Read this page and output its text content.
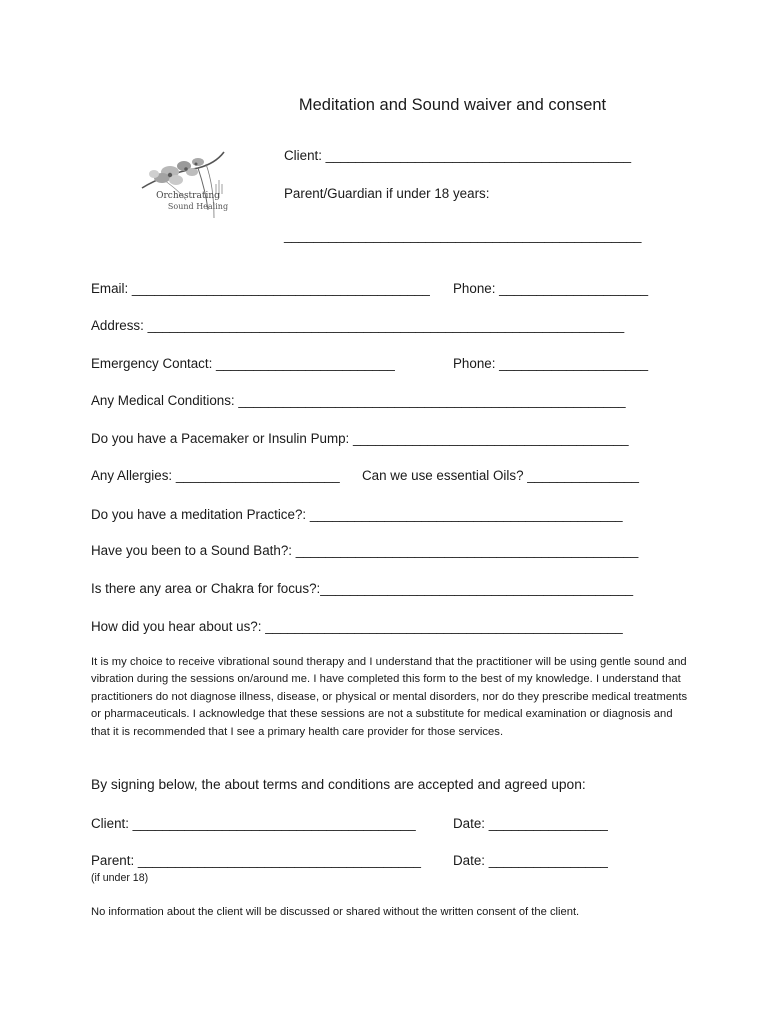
Meditation and Sound waiver and consent
Orchestrating
Sound Healing
Client: _________________________________________
Parent/Guardian if under 18 years:
________________________________________________
Email: ________________________________________ Phone: ____________________
Address: ________________________________________________________________
Emergency Contact: ________________________	Phone: ____________________
Any Medical Conditions: ____________________________________________________
Do you have a Pacemaker or Insulin Pump: _____________________________________
Any Allergies: ______________________ Can we use essential Oils? _______________
Do you have a meditation Practice?: __________________________________________
Have you been to a Sound Bath?: ______________________________________________
Is there any area or Chakra for focus?:__________________________________________
How did you hear about us?: ________________________________________________
It is my choice to receive vibrational sound therapy and I understand that the practitioner will be using gentle sound and vibration during the sessions on/around me. I have completed this form to the best of my knowledge. I understand that practitioners do not diagnose illness, disease, or physical or mental disorders, nor do they prescribe medical treatments or pharmaceuticals. I acknowledge that these sessions are not a substitute for medical examination or diagnosis and that it is recommended that I see a primary health care provider for those services.
By signing below, the about terms and conditions are accepted and agreed upon:
Client: ______________________________________	Date: ________________
Parent: ______________________________________ Date: ________________
(if under 18)
No information about the client will be discussed or shared without the written consent of the client.
